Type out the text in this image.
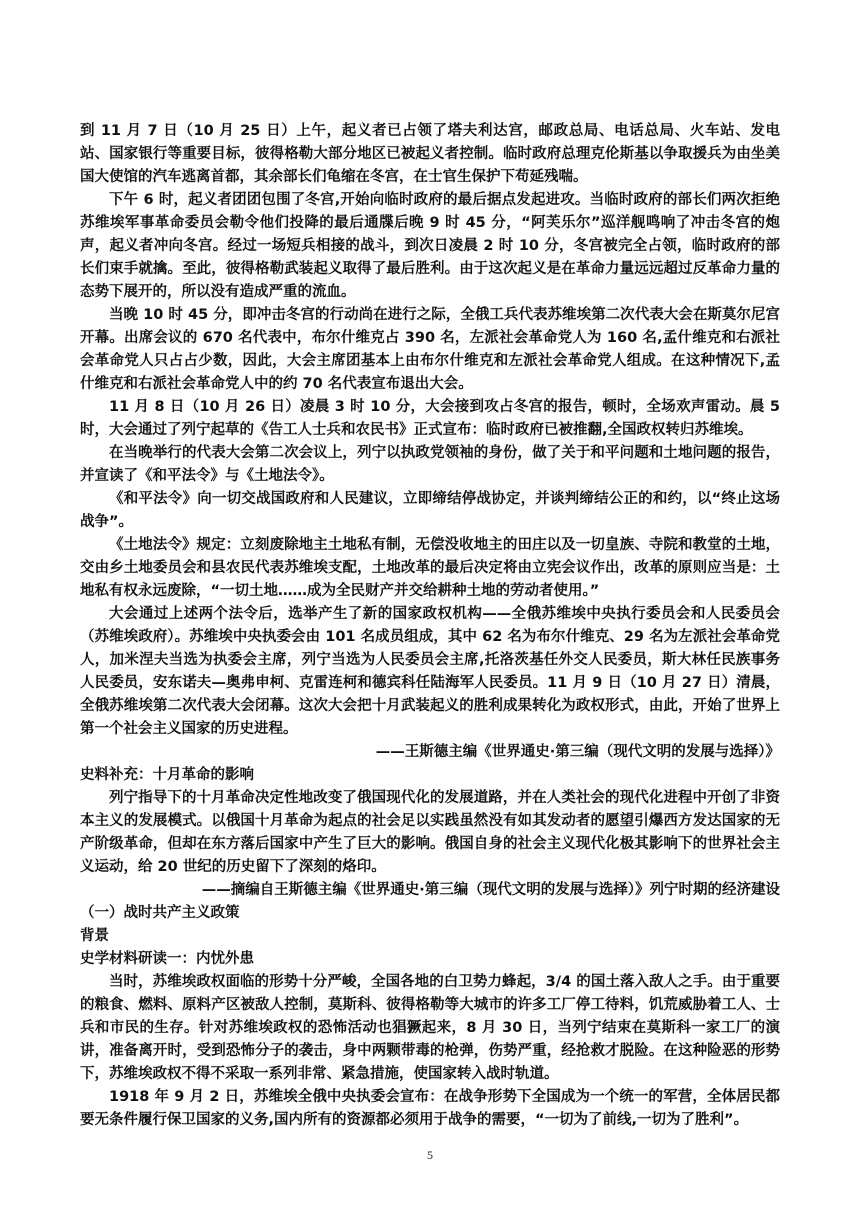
到 11 月 7 日（10 月 25 日）上午，起义者已占领了塔夫利达宫，邮政总局、电话总局、火车站、发电站、国家银行等重要目标，彼得格勒大部分地区已被起义者控制。临时政府总理克伦斯基以争取援兵为由坐美国大使馆的汽车逃离首都，其余部长们龟缩在冬宫，在士官生保护下苟延残喘。

下午 6 时，起义者团团包围了冬宫,开始向临时政府的最后据点发起进攻。当临时政府的部长们两次拒绝苏维埃军事革命委员会勒令他们投降的最后通牒后晚 9 时 45 分，“阿芙乐尔”巡洋舰鸣响了冲击冬宫的炮声，起义者冲向冬宫。经过一场短兵相接的战斗，到次日凌晨 2 时 10 分，冬宫被完全占领，临时政府的部长们束手就擒。至此，彼得格勒武装起义取得了最后胜利。由于这次起义是在革命力量远远超过反革命力量的态势下展开的，所以没有造成严重的流血。

当晚 10 时 45 分，即冲击冬宫的行动尚在进行之际，全俄工兵代表苏维埃第二次代表大会在斯莫尔尼宫开幕。出席会议的 670 名代表中，布尔什维克占 390 名，左派社会革命党人为 160 名,孟什维克和右派社会革命党人只占占少数，因此，大会主席团基本上由布尔什维克和左派社会革命党人组成。在这种情况下,孟什维克和右派社会革命党人中的约 70 名代表宣布退出大会。

11 月 8 日（10 月 26 日）凌晨 3 时 10 分，大会接到攻占冬宫的报告，顿时，全场欢声雷动。晨 5 时，大会通过了列宁起草的《告工人士兵和农民书》正式宣布：临时政府已被推翻,全国政权转归苏维埃。

在当晚举行的代表大会第二次会议上，列宁以执政党领袖的身份，做了关于和平问题和土地问题的报告，并宣读了《和平法令》与《土地法令》。

《和平法令》向一切交战国政府和人民建议，立即缔结停战协定，并谈判缔结公正的和约，以“终止这场战争”。

《土地法令》规定：立刻废除地主土地私有制，无偿没收地主的田庄以及一切皇族、寺院和教堂的土地，交由乡土地委员会和县农民代表苏维埃支配，土地改革的最后决定将由立宪会议作出，改革的原则应当是：土地私有权永远废除，“一切土地……成为全民财产并交给耕种土地的劳动者使用。”

大会通过上述两个法令后，选举产生了新的国家政权机构——全俄苏维埃中央执行委员会和人民委员会（苏维埃政府）。苏维埃中央执委会由 101 名成员组成，其中 62 名为布尔什维克、29 名为左派社会革命党人，加米涅夫当选为执委会主席，列宁当选为人民委员会主席,托洛茨基任外交人民委员，斯大林任民族事务人民委员，安东诺夫—奥弗申柯、克雷连柯和德宾科任陆海军人民委员。11 月 9 日（10 月 27 日）清晨，全俄苏维埃第二次代表大会闭幕。这次大会把十月武装起义的胜利成果转化为政权形式，由此，开始了世界上第一个社会主义国家的历史进程。

——王斯德主编《世界通史·第三编（现代文明的发展与选择）》

史料补充：十月革命的影响

列宁指导下的十月革命决定性地改变了俄国现代化的发展道路，并在人类社会的现代化进程中开创了非资本主义的发展模式。以俄国十月革命为起点的社会足以实践虽然没有如其发动者的愿望引爆西方发达国家的无产阶级革命，但却在东方落后国家中产生了巨大的影响。俄国自身的社会主义现代化极其影响下的世界社会主义运动，给 20 世纪的历史留下了深刻的烙印。

——摘编自王斯德主编《世界通史·第三编（现代文明的发展与选择）》列宁时期的经济建设

（一）战时共产主义政策

背景

史学材料研读一：内忧外患

当时，苏维埃政权面临的形势十分严峻，全国各地的白卫势力蜂起，3/4 的国土落入敌人之手。由于重要的粮食、燃料、原料产区被敌人控制，莫斯科、彼得格勒等大城市的许多工厂停工待料，饥荒威胁着工人、士兵和市民的生存。针对苏维埃政权的恐怖活动也猖獗起来，8 月 30 日，当列宁结束在莫斯科一家工厂的演讲，准备离开时，受到恐怖分子的袭击，身中两颗带毒的枪弹，伤势严重，经抢救才脱险。在这种险恶的形势下，苏维埃政权不得不采取一系列非常、紧急措施，使国家转入战时轨道。

1918 年 9 月 2 日，苏维埃全俄中央执委会宣布：在战争形势下全国成为一个统一的军营，全体居民都要无条件履行保卫国家的义务,国内所有的资源都必须用于战争的需要，“一切为了前线,一切为了胜利”。

5
